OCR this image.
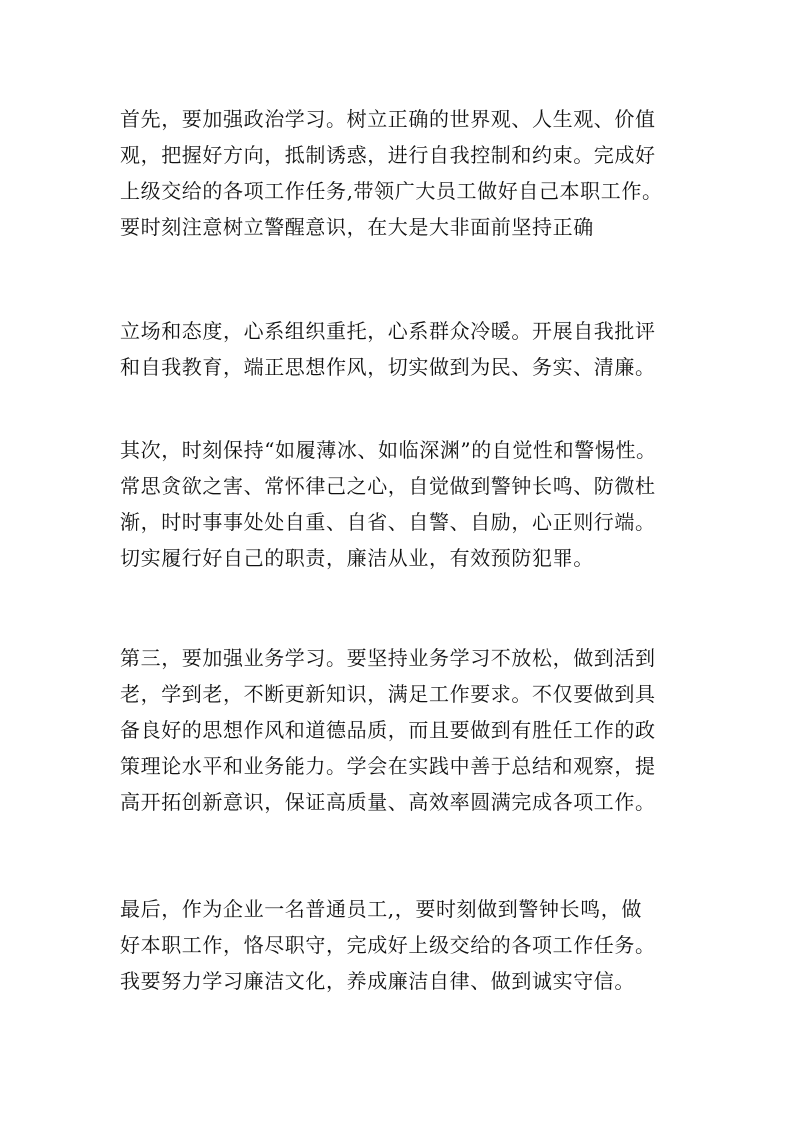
首先，要加强政治学习。树立正确的世界观、人生观、价值
观，把握好方向，抵制诱惑，进行自我控制和约束。完成好
上级交给的各项工作任务,带领广大员工做好自己本职工作。
要时刻注意树立警醒意识，在大是大非面前坚持正确
立场和态度，心系组织重托，心系群众冷暖。开展自我批评
和自我教育，端正思想作风，切实做到为民、务实、清廉。
其次，时刻保持“如履薄冰、如临深渊”的自觉性和警惕性。
常思贪欲之害、常怀律己之心，自觉做到警钟长鸣、防微杜
渐，时时事事处处自重、自省、自警、自励，心正则行端。
切实履行好自己的职责，廉洁从业，有效预防犯罪。
第三，要加强业务学习。要坚持业务学习不放松，做到活到
老，学到老，不断更新知识，满足工作要求。不仅要做到具
备良好的思想作风和道德品质，而且要做到有胜任工作的政
策理论水平和业务能力。学会在实践中善于总结和观察，提
高开拓创新意识，保证高质量、高效率圆满完成各项工作。
最后，作为企业一名普通员工,，要时刻做到警钟长鸣，做
好本职工作，恪尽职守，完成好上级交给的各项工作任务。
我要努力学习廉洁文化，养成廉洁自律、做到诚实守信。
